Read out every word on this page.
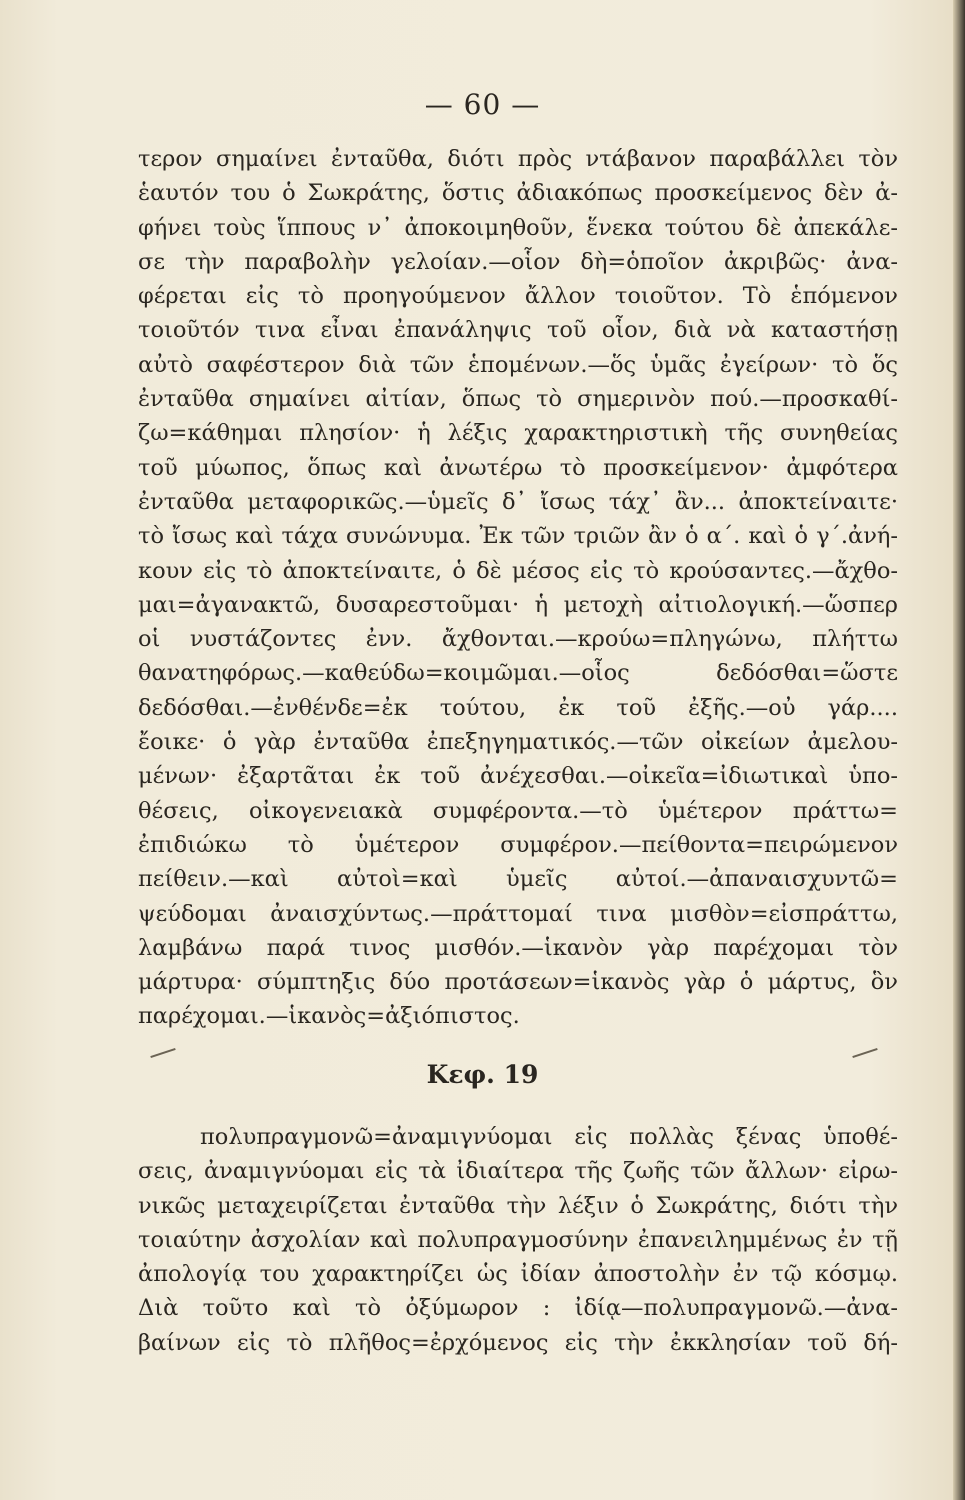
— 60 —
τερον σημαίνει ἐνταῦθα, διότι πρὸς ντάβανον παραβάλλει τὸν
ἑαυτόν του ὁ Σωκράτης, ὅστις ἀδιακόπως προσκείμενος δὲν ἀ-
φήνει τοὺς ἵππους ν᾽ ἀποκοιμηθοῦν, ἕνεκα τούτου δὲ ἀπεκάλε-
σε τὴν παραβολὴν γελοίαν.—οἷον δὴ=ὁποῖον ἀκριβῶς· ἀνα-
φέρεται εἰς τὸ προηγούμενον ἄλλον τοιοῦτον. Τὸ ἑπόμενον
τοιοῦτόν τινα εἶναι ἐπανάληψις τοῦ οἷον, διὰ νὰ καταστήσῃ
αὐτὸ σαφέστερον διὰ τῶν ἑπομένων.—ὅς ὑμᾶς ἐγείρων· τὸ ὅς
ἐνταῦθα σημαίνει αἰτίαν, ὅπως τὸ σημερινὸν πού.—προσκαθί-
ζω=κάθημαι πλησίον· ἡ λέξις χαρακτηριστικὴ τῆς συνηθείας
τοῦ μύωπος, ὅπως καὶ ἀνωτέρω τὸ προσκείμενον· ἀμφότερα
ἐνταῦθα μεταφορικῶς.—ὑμεῖς δ᾽ ἴσως τάχ᾽ ἂν... ἀποκτείναιτε·
τὸ ἴσως καὶ τάχα συνώνυμα. Ἐκ τῶν τριῶν ἂν ὁ α΄. καὶ ὁ γ΄.ἀνή-
κουν εἰς τὸ ἀποκτείναιτε, ὁ δὲ μέσος εἰς τὸ κρούσαντες.—ἄχθο-
μαι=ἀγανακτῶ, δυσαρεστοῦμαι· ἡ μετοχὴ αἰτιολογική.—ὥσπερ
οἱ νυστάζοντες ἐνν. ἄχθονται.—κρούω=πληγώνω, πλήττω
θανατηφόρως.—καθεύδω=κοιμῶμαι.—οἷος δεδόσθαι=ὥστε
δεδόσθαι.—ἐνθένδε=ἐκ τούτου, ἐκ τοῦ ἐξῆς.—οὐ γάρ....
ἔοικε· ὁ γὰρ ἐνταῦθα ἐπεξηγηματικός.—τῶν οἰκείων ἀμελου-
μένων· ἐξαρτᾶται ἐκ τοῦ ἀνέχεσθαι.—οἰκεῖα=ἰδιωτικαὶ ὑπο-
θέσεις, οἰκογενειακὰ συμφέροντα.—τὸ ὑμέτερον πράττω=
ἐπιδιώκω τὸ ὑμέτερον συμφέρον.—πείθοντα=πειρώμενον
πείθειν.—καὶ αὐτοὶ=καὶ ὑμεῖς αὐτοί.—ἀπαναισχυντῶ=
ψεύδομαι ἀναισχύντως.—πράττομαί τινα μισθὸν=εἰσπράττω,
λαμβάνω παρά τινος μισθόν.—ἱκανὸν γὰρ παρέχομαι τὸν
μάρτυρα· σύμπτηξις δύο προτάσεων=ἱκανὸς γὰρ ὁ μάρτυς, ὃν
παρέχομαι.—ἱκανὸς=ἀξιόπιστος.
Κεφ. 19
πολυπραγμονῶ=ἀναμιγνύομαι εἰς πολλὰς ξένας ὑποθέ-
σεις, ἀναμιγνύομαι εἰς τὰ ἰδιαίτερα τῆς ζωῆς τῶν ἄλλων· εἰρω-
νικῶς μεταχειρίζεται ἐνταῦθα τὴν λέξιν ὁ Σωκράτης, διότι τὴν
τοιαύτην ἀσχολίαν καὶ πολυπραγμοσύνην ἐπανειλημμένως ἐν τῇ
ἀπολογίᾳ του χαρακτηρίζει ὡς ἰδίαν ἀποστολὴν ἐν τῷ κόσμῳ.
Διὰ τοῦτο καὶ τὸ ὀξύμωρον : ἰδίᾳ—πολυπραγμονῶ.—ἀνα-
βαίνων εἰς τὸ πλῆθος=ἐρχόμενος εἰς τὴν ἐκκλησίαν τοῦ δή-
